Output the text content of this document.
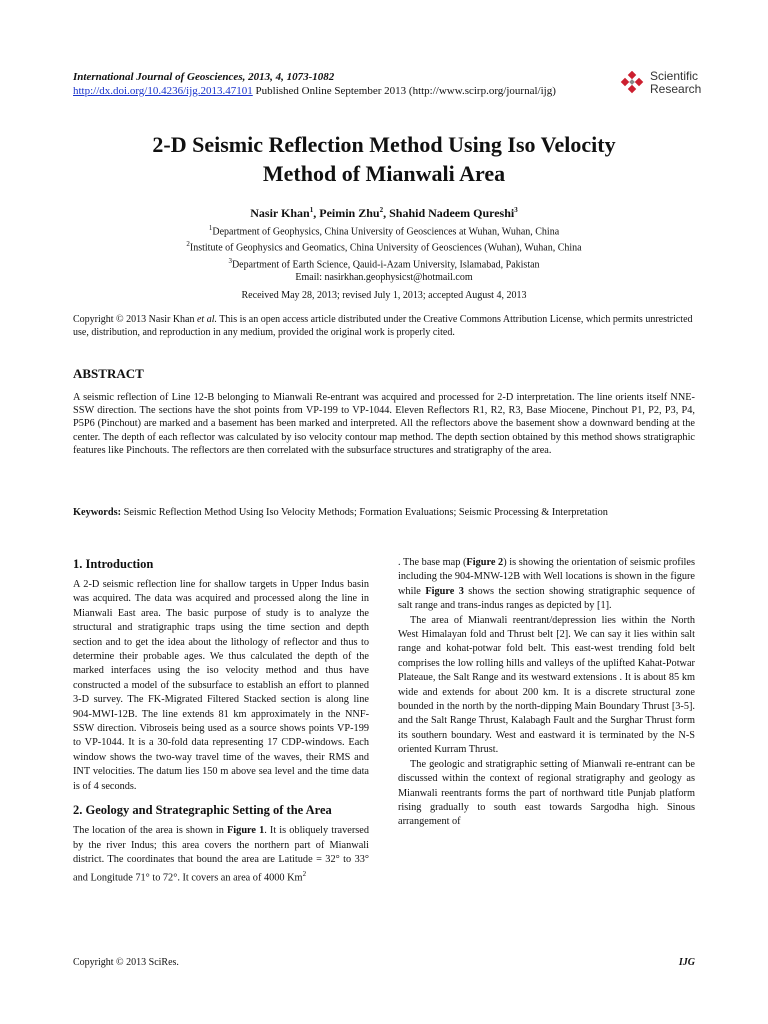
International Journal of Geosciences, 2013, 4, 1073-1082
http://dx.doi.org/10.4236/ijg.2013.47101 Published Online September 2013 (http://www.scirp.org/journal/ijg)
Scientific
Research
2-D Seismic Reflection Method Using Iso Velocity
Method of Mianwali Area
Nasir Khan$^1$, Peimin Zhu$^2$, Shahid Nadeem Qureshi$^3$
$^1$Department of Geophysics, China University of Geosciences at Wuhan, Wuhan, China
$^2$Institute of Geophysics and Geomatics, China University of Geosciences (Wuhan), Wuhan, China
$^3$Department of Earth Science, Qauid-i-Azam University, Islamabad, Pakistan
Email: nasirkhan.geophysicst@hotmail.com
Received May 28, 2013; revised July 1, 2013; accepted August 4, 2013
Copyright © 2013 Nasir Khan et al. This is an open access article distributed under the Creative Commons Attribution License, which permits unrestricted use, distribution, and reproduction in any medium, provided the original work is properly cited.
ABSTRACT
A seismic reflection of Line 12-B belonging to Mianwali Re-entrant was acquired and processed for 2-D interpretation. The line orients itself NNE-SSW direction. The sections have the shot points from VP-199 to VP-1044. Eleven Reflectors R1, R2, R3, Base Miocene, Pinchout P1, P2, P3, P4, P5P6 (Pinchout) are marked and a basement has been marked and interpreted. All the reflectors above the basement show a downward bending at the center. The depth of each reflector was calculated by iso velocity contour map method. The depth section obtained by this method shows stratigraphic features like Pinchouts. The reflectors are then correlated with the subsurface structures and stratigraphy of the area.
Keywords: Seismic Reflection Method Using Iso Velocity Methods; Formation Evaluations; Seismic Processing & Interpretation
1. Introduction

A 2-D seismic reflection line for shallow targets in Upper Indus basin was acquired. The data was acquired and processed along the line in Mianwali East area. The basic purpose of study is to analyze the structural and stratigraphic traps using the time section and depth section and to get the idea about the lithology of reflector and thus to determine their probable ages. We thus calculated the depth of the marked interfaces using the iso velocity method and thus have constructed a model of the subsurface to establish an effort to planned 3-D survey. The FK-Migrated Filtered Stacked section is along line 904-MWI-12B. The line extends 81 km approximately in the NNF-SSW direction. Vibroseis being used as a source shows points VP-199 to VP-1044. It is a 30-fold data representing 17 CDP-windows. Each window shows the two-way travel time of the waves, their RMS and INT velocities. The datum lies 150 m above sea level and the time data is of 4 seconds.

2. Geology and Strategraphic Setting of the Area

The location of the area is shown in Figure 1. It is obliquely traversed by the river Indus; this area covers the northern part of Mianwali district. The coordinates that bound the area are Latitude = 32° to 33° and Longitude 71° to 72°. It covers an area of 4000 Km$^2$

. The base map (Figure 2) is showing the orientation of seismic profiles including the 904-MNW-12B with Well locations is shown in the figure while Figure 3 shows the section showing stratigraphic sequence of salt range and trans-indus ranges as depicted by [1].

The area of Mianwali reentrant/depression lies within the North West Himalayan fold and Thrust belt [2]. We can say it lies within salt range and kohat-potwar fold belt. This east-west trending fold belt comprises the low rolling hills and valleys of the uplifted Kahat-Potwar Plateaue, the Salt Range and its westward extensions . It is about 85 km wide and extends for about 200 km. It is a discrete structural zone bounded in the north by the north-dipping Main Boundary Thrust [3-5]. and the Salt Range Thrust, Kalabagh Fault and the Surghar Thrust form its southern boundary. West and eastward it is terminated by the N-S oriented Kurram Thrust.

The geologic and stratigraphic setting of Mianwali re-entrant can be discussed within the context of regional stratigraphy and geology as Mianwali reentrants forms the part of northward title Punjab platform rising gradually to south east towards Sargodha high. Sinous arrangement of

Copyright © 2013 SciRes.	IJG
